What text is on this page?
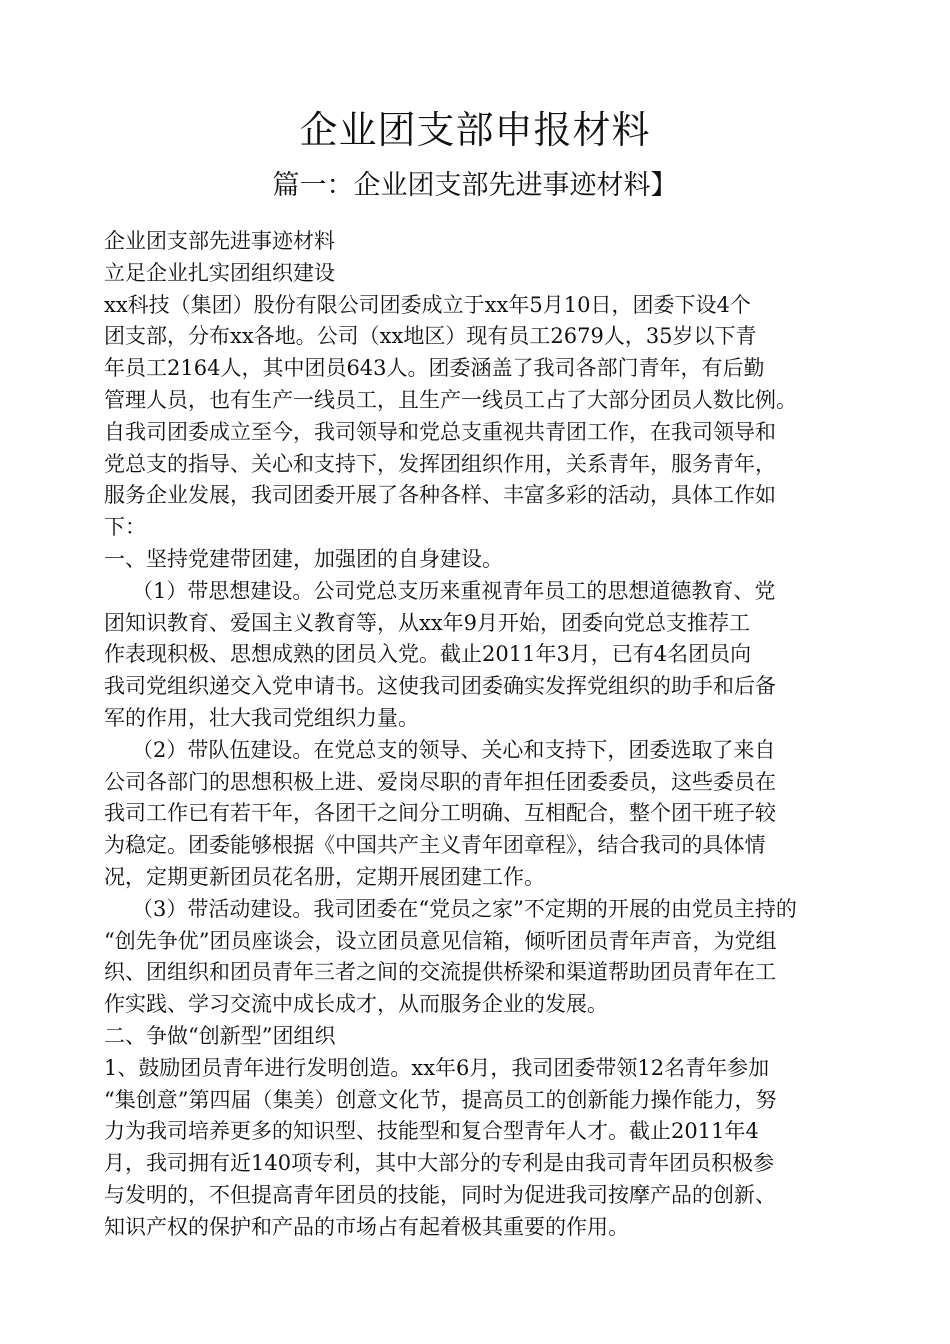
企业团支部申报材料
篇一：企业团支部先进事迹材料】
企业团支部先进事迹材料
立足企业扎实团组织建设
xx科技（集团）股份有限公司团委成立于xx年5月10日，团委下设4个
团支部，分布xx各地。公司（xx地区）现有员工2679人，35岁以下青
年员工2164人，其中团员643人。团委涵盖了我司各部门青年，有后勤
管理人员，也有生产一线员工，且生产一线员工占了大部分团员人数比例。
自我司团委成立至今，我司领导和党总支重视共青团工作，在我司领导和
党总支的指导、关心和支持下，发挥团组织作用，关系青年，服务青年，
服务企业发展，我司团委开展了各种各样、丰富多彩的活动，具体工作如
下：
一、坚持党建带团建，加强团的自身建设。
（1）带思想建设。公司党总支历来重视青年员工的思想道德教育、党
团知识教育、爱国主义教育等，从xx年9月开始，团委向党总支推荐工
作表现积极、思想成熟的团员入党。截止2011年3月，已有4名团员向
我司党组织递交入党申请书。这使我司团委确实发挥党组织的助手和后备
军的作用，壮大我司党组织力量。
（2）带队伍建设。在党总支的领导、关心和支持下，团委选取了来自
公司各部门的思想积极上进、爱岗尽职的青年担任团委委员，这些委员在
我司工作已有若干年，各团干之间分工明确、互相配合，整个团干班子较
为稳定。团委能够根据《中国共产主义青年团章程》，结合我司的具体情
况，定期更新团员花名册，定期开展团建工作。
（3）带活动建设。我司团委在“党员之家”不定期的开展的由党员主持的
“创先争优”团员座谈会，设立团员意见信箱，倾听团员青年声音，为党组
织、团组织和团员青年三者之间的交流提供桥梁和渠道帮助团员青年在工
作实践、学习交流中成长成才，从而服务企业的发展。
二、争做“创新型”团组织
1、鼓励团员青年进行发明创造。xx年6月，我司团委带领12名青年参加
“集创意”第四届（集美）创意文化节，提高员工的创新能力操作能力，努
力为我司培养更多的知识型、技能型和复合型青年人才。截止2011年4
月，我司拥有近140项专利，其中大部分的专利是由我司青年团员积极参
与发明的，不但提高青年团员的技能，同时为促进我司按摩产品的创新、
知识产权的保护和产品的市场占有起着极其重要的作用。
